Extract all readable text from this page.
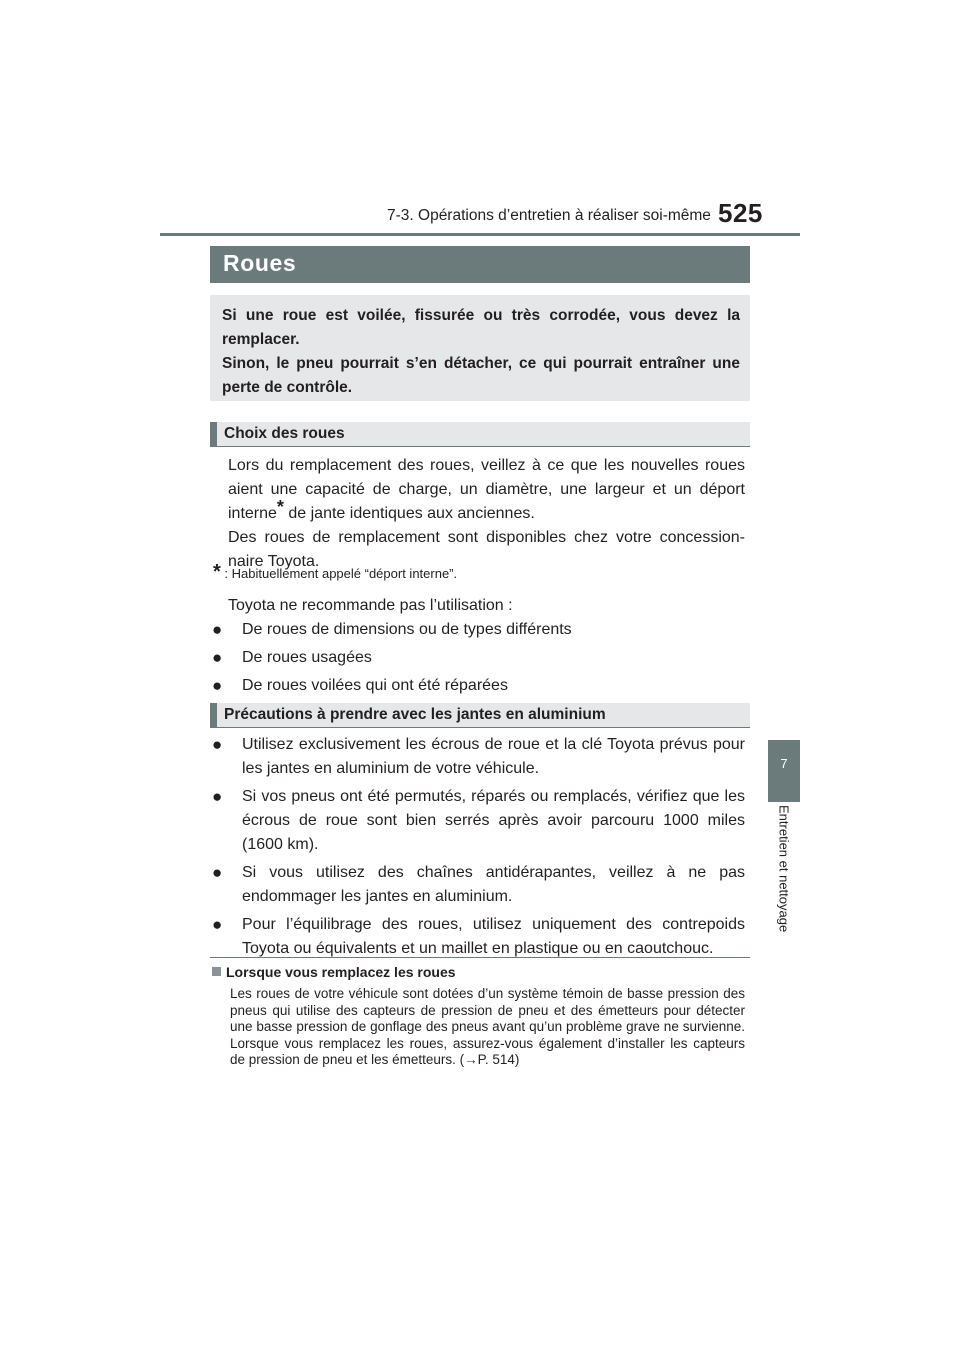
7-3. Opérations d’entretien à réaliser soi-même 525
7
Entretien et nettoyage
Roues

Si une roue est voilée, fissurée ou très corrodée, vous devez la remplacer.

Sinon, le pneu pourrait s’en détacher, ce qui pourrait entraîner une perte de contrôle.

Choix des roues

Lors du remplacement des roues, veillez à ce que les nouvelles roues aient une capacité de charge, un diamètre, une largeur et un déport interne* de jante identiques aux anciennes.

Des roues de remplacement sont disponibles chez votre concession-naire Toyota.

* : Habituellement appelé “déport interne”.
Toyota ne recommande pas l’utilisation :
● De roues de dimensions ou de types différents
● De roues usagées
● De roues voilées qui ont été réparées
Précautions à prendre avec les jantes en aluminium
● Utilisez exclusivement les écrous de roue et la clé Toyota prévus pour les jantes en aluminium de votre véhicule.
● Si vos pneus ont été permutés, réparés ou remplacés, vérifiez que les écrous de roue sont bien serrés après avoir parcouru 1000 miles (1600 km).
● Si vous utilisez des chaînes antidérapantes, veillez à ne pas endommager les jantes en aluminium.
● Pour l’équilibrage des roues, utilisez uniquement des contrepoids Toyota ou équivalents et un maillet en plastique ou en caoutchouc.
Lorsque vous remplacez les roues
Les roues de votre véhicule sont dotées d’un système témoin de basse pression des pneus qui utilise des capteurs de pression de pneu et des émetteurs pour détecter une basse pression de gonflage des pneus avant qu’un problème grave ne survienne. Lorsque vous remplacez les roues, assurez-vous également d’installer les capteurs de pression de pneu et les émetteurs. (→P. 514)
